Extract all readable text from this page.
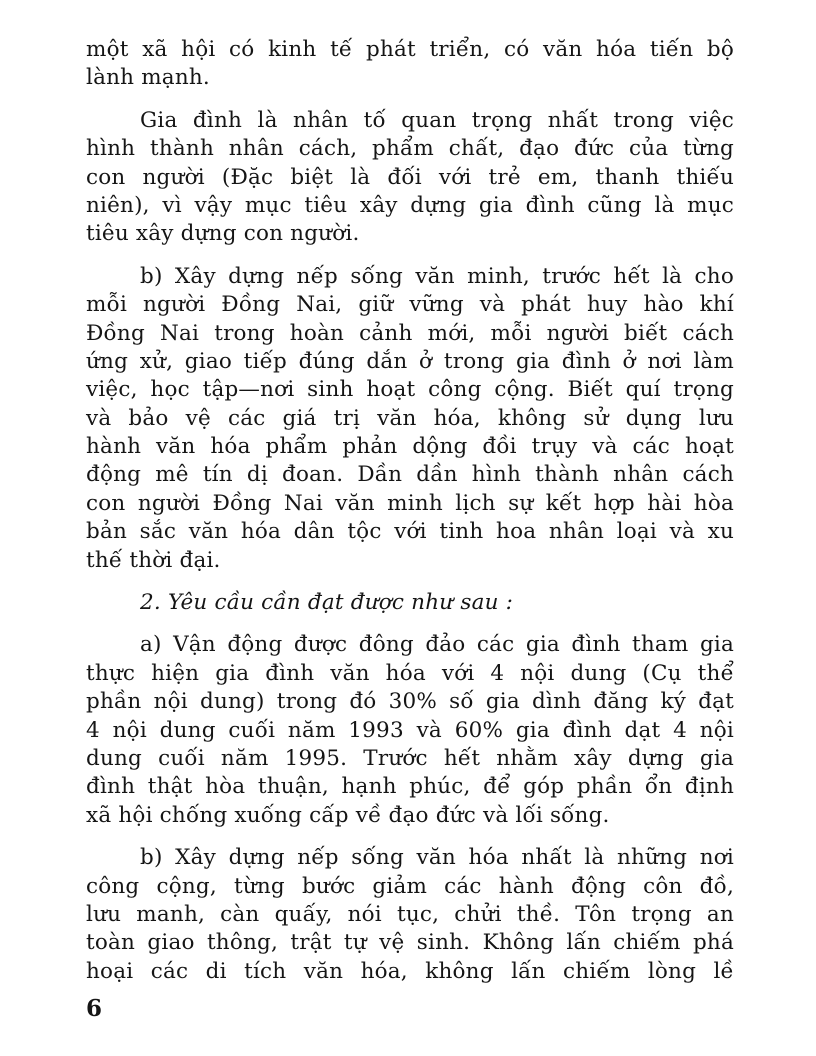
một xã hội có kinh tế phát triển, có văn hóa tiến bộ
lành mạnh.
Gia đình là nhân tố quan trọng nhất trong việc
hình thành nhân cách, phẩm chất, đạo đức của từng
con người (Đặc biệt là đối với trẻ em, thanh thiếu
niên), vì vậy mục tiêu xây dựng gia đình cũng là mục
tiêu xây dựng con người.
b) Xây dựng nếp sống văn minh, trước hết là cho
mỗi người Đồng Nai, giữ vững và phát huy hào khí
Đồng Nai trong hoàn cảnh mới, mỗi người biết cách
ứng xử, giao tiếp đúng dắn ở trong gia đình ở nơi làm
việc, học tập—nơi sinh hoạt công cộng. Biết quí trọng
và bảo vệ các giá trị văn hóa, không sử dụng lưu
hành văn hóa phẩm phản dộng đồi trụy và các hoạt
động mê tín dị đoan. Dần dần hình thành nhân cách
con người Đồng Nai văn minh lịch sự kết hợp hài hòa
bản sắc văn hóa dân tộc với tinh hoa nhân loại và xu
thế thời đại.
2. Yêu cầu cần đạt được như sau :
a) Vận động được đông đảo các gia đình tham gia
thực hiện gia đình văn hóa với 4 nội dung (Cụ thể
phần nội dung) trong đó 30% số gia dình đăng ký đạt
4 nội dung cuối năm 1993 và 60% gia đình dạt 4 nội
dung cuối năm 1995. Trước hết nhằm xây dựng gia
đình thật hòa thuận, hạnh phúc, để góp phần ổn định
xã hội chống xuống cấp về đạo đức và lối sống.
b) Xây dựng nếp sống văn hóa nhất là những nơi
công cộng, từng bước giảm các hành động côn đồ,
lưu manh, càn quấy, nói tục, chửi thề. Tôn trọng an
toàn giao thông, trật tự vệ sinh. Không lấn chiếm phá
hoại các di tích văn hóa, không lấn chiếm lòng lề
6
